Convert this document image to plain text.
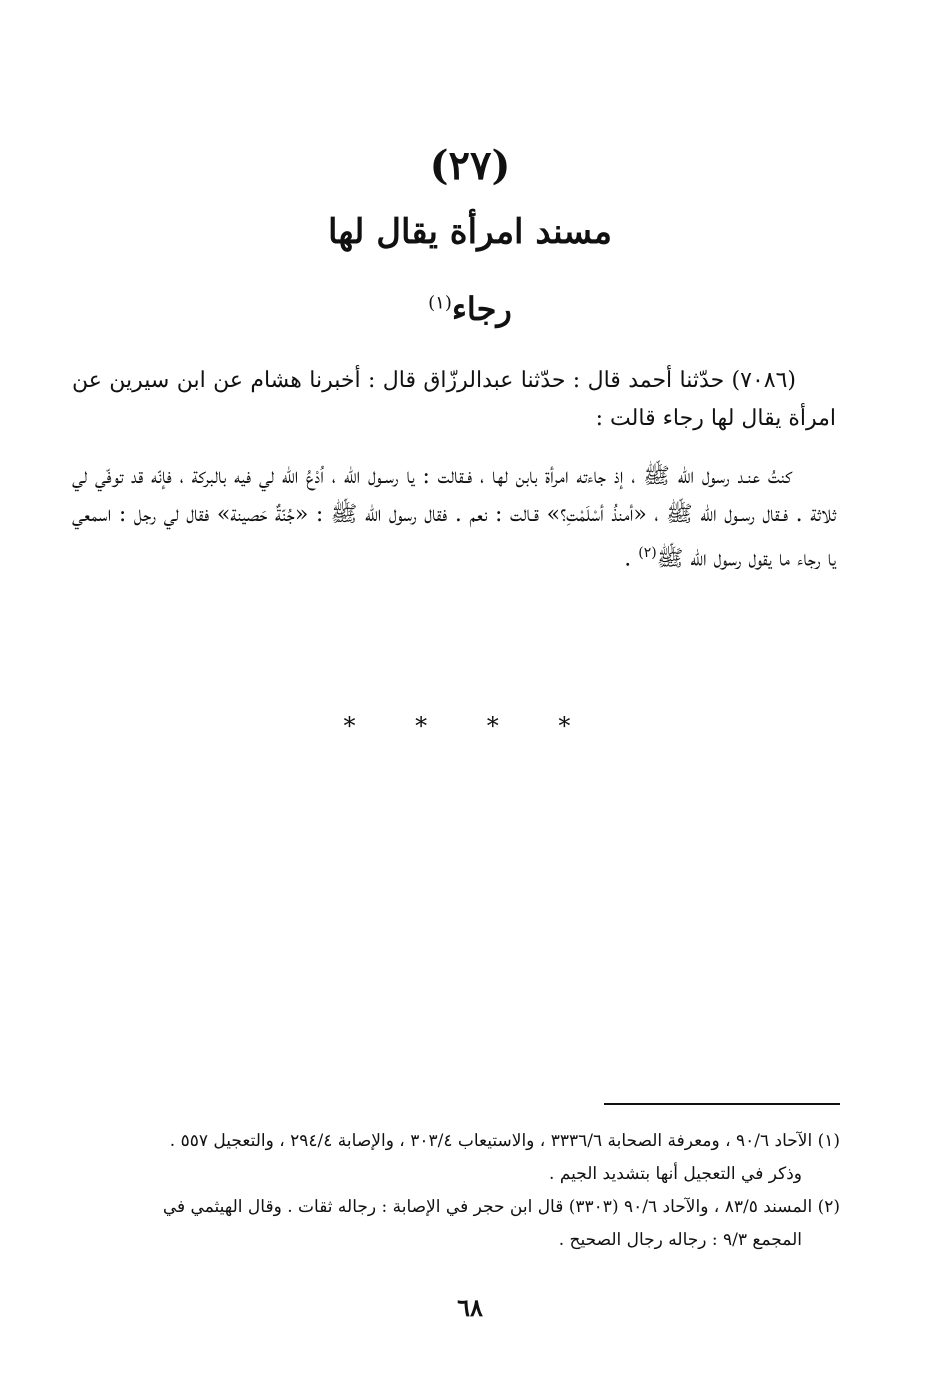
(٢٧)
مسند امرأة يقال لها
رجاء$^{(١)}$
(٧٠٨٦) حدّثنا أحمد قال : حدّثنا عبدالرزّاق قال : أخبرنا هشام عن ابن سيرين عن امرأة يقال لها رجاء قالت :
كنتُ عنـد رسول اللّه ﷺ ، إذ جاءته امرأة بابن لها ، فـقالت : يا رسـول اللّه ، اُدْعُ اللّه لي فيه بالبركة ، فإنّه قد توفّي لي ثلاثة . فـقال رسـول اللّه ﷺ ، «أمنذُ أسْلَمْتِ؟» قـالت : نعم . فقال رسول اللّه ﷺ : «جُنّةٌ حَصينة» فقال لي رجل : اسمعي يا رجاء ما يقول رسول اللّه ﷺ$^{(٢)}$ .
* * * *

(١) الآحاد ٩٠/٦ ، ومعرفة الصحابة ٣٣٣٦/٦ ، والاستيعاب ٣٠٣/٤ ، والإصابة ٢٩٤/٤ ، والتعجيل ٥٥٧ .

وذكر في التعجيل أنها بتشديد الجيم .

(٢) المسند ٨٣/٥ ، والآحاد ٩٠/٦ (٣٣٠٣) قال ابن حجر في الإصابة : رجاله ثقات . وقال الهيثمي في

المجمع ٩/٣ : رجاله رجال الصحيح .

٦٨
